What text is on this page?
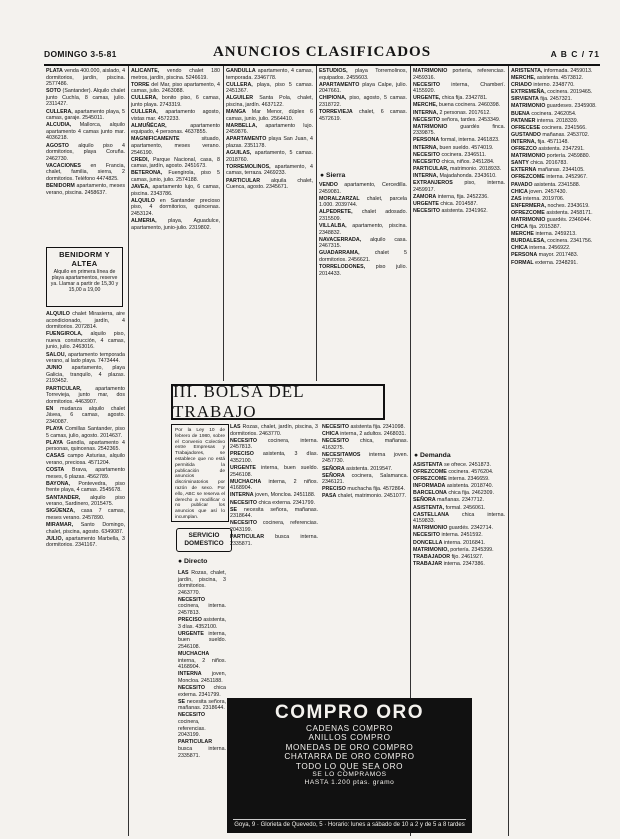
DOMINGO 3-5-81	ANUNCIOS CLASIFICADOS	A B C / 71

PLATA venda 400.000, aislado, 4 dormitorios, jardín, piscina. 2577486.

SOTO (Santander). Alquilo chalet junto Cuchía, 8 camas, julio. 2311427.

CULLERA, apartamento playa, 5 camas, garaje. 2545011.

ALCUDIA, Mallorca, alquilo apartamento 4 camas junto mar. 4036218.

AGOSTO alquilo piso 4 dormitorios, playa Coruña. 2462730.

VACACIONES en Francia, chalet, familia, sierra, 2 dormitorios. Teléfono 4474825.

BENIDORM apartamento, meses verano, piscina. 2458637.

BENIDORM Y ALTEA
Alquilo en primera línea de playa apartamentos, reserve ya. Llamar a partir de 15,30 y 15,00 a 19,00

ALQUILO chalet Mirasierra, aire acondicionado, jardín, 4 dormitorios. 2072814.

FUENGIROLA, alquilo piso, nueva construcción, 4 camas, junio, julio. 2463016.

SALOU, apartamento temporada verano, al lado playa. 7473444.

JUNIO apartamento, playa Galicia, tranquilo, 4 plazas. 2193452.

PARTICULAR, apartamento Torrevieja, junto mar, dos dormitorios. 4463907.

EN mudanza alquilo chalet Jávea, 6 camas, agosto. 2340087.

PLAYA Comillas Santander, piso 5 camas, julio, agosto. 2014637.

PLAYA Gandía, apartamento 4 personas, quincenas. 2542365.

CASAS campo Asturias, alquilo verano, preciosa. 4571204.

COSTA Brava, apartamento meses, 6 plazas. 4562789.

BAYONA, Pontevedra, piso frente playa, 4 camas. 2545678.

SANTANDER, alquilo piso verano, Sardinero, 2015475.

SIGÜENZA, casa 7 camas, meses verano. 2457890.

MIRAMAR, Santo Domingo, chalet, piscina, agosto. 6349087.

JULIO, apartamento Marbella, 3 dormitorios. 2341167.

ALICANTE, vendo chalet 180 metros, jardín, piscina. 5246619.

TORRE del Mar, piso apartamento, 4 camas, julio. 2463088.

CULLERA, bonito piso, 6 camas, junto playa. 2743319.

CULLERA, apartamento agosto, vistas mar. 4572233.

ALMUÑÉCAR, apartamento equipado, 4 personas. 4637855.

MAGNIFICAMENTE situado, apartamento, meses verano. 2546190.

CREDI, Parque Nacional, casa, 8 camas, jardín, agosto. 2451673.

BETERONA, Fuengirola, piso 5 camas, junio, julio. 2574188.

JAVEA, apartamento lujo, 6 camas, piscina. 2343786.

ALQUILO en Santander precioso piso, 4 dormitorios, quincenas. 2453124.

ALMERIA, playa, Aguadulce, apartamento, junio-julio. 2319802.

GANDULLA apartamento, 4 camas, temporada. 2346778.

CULLERA, playa, piso 5 camas. 2451367.

ALGUILER Santa Pola, chalet, piscina, jardín. 4637122.

MANGA Mar Menor, dúplex 6 camas, junio, julio. 2564410.

MARBELLA, apartamento lujo. 2459876.

APARTAMENTO playa San Juan, 4 plazas. 2351178.

AGUILAS, apartamento, 5 camas. 2018760.

TORREMOLINOS, apartamento, 4 camas, terraza. 2469233.

PARTICULAR alquila chalet, Cuenca, agosto. 2345671.

ESTUDIOS, playa Torremolinos, equipados. 2455603.

APARTAMENTO playa Calpe, julio. 2047661.

CHIPIONA, piso, agosto, 5 camas. 2318722.

TORREVIEJA chalet, 6 camas. 4572619.

● Sierra

VENDO apartamento, Cercedilla. 2459081.

MORALZARZAL chalet, parcela 1.000. 2039744.

ALPEDRETE, chalet adosado. 2315509.

VILLALBA, apartamento, piscina. 2348832.

NAVACERRADA, alquilo casa. 2467315.

GUADARRAMA, chalet 5 dormitorios. 2456621.

TORRELODONES, piso julio. 2014433.

III. BOLSA DEL TRABAJO
Por la Ley 10 de febrero de 1980, sobre el Convenio Colectivo entre Empresas y Trabajadores, se establece que no está permitida la publicación de anuncios discriminatorios por razón de sexo. Por ello, ABC se reserva el derecho a modificar o no publicar los anuncios que así lo incumplan.
SERVICIO
DOMESTICO
● Directo

LAS Rozas, chalet, jardín, piscina, 3 dormitorios. 2463770.

NECESITO cocinera, interna. 2457813.

PRECISO asistenta, 3 días. 4352100.

URGENTE interna, buen sueldo. 2546108.

MUCHACHA interna, 2 niños. 4168904.

INTERNA joven, Moncloa. 2451188.

NECESITO chica externa. 2341799.

SE necesita señora, mañanas. 2318644.

NECESITO cocinera, referencias. 2043199.

PARTICULAR busca interna. 2335871.

NECESITO asistenta fija. 2341098.

CHICA interna, 2 adultos. 2468031.

NECESITO chica, mañanas. 4163275.

NECESITAMOS interna joven. 2457730.

SEÑORA asistenta. 2019547.

SEÑORA cocinera, Salamanca. 2346121.

PRECISO muchacha fija. 4572864.

PASA chalet, matrimonio. 2451077.

LAS Rozas, chalet, jardín, piscina, 3 dormitorios. 2463770.

NECESITO cocinera, interna. 2457813.

PRECISO asistenta, 3 días. 4352100.

URGENTE interna, buen sueldo. 2546108.

MUCHACHA interna, 2 niños. 4168904.

INTERNA joven, Moncloa. 2451188.

NECESITO chica externa. 2341799.

SE necesita señora, mañanas. 2318644.

NECESITO cocinera, referencias. 2043199.

PARTICULAR busca interna. 2335871.

MATRIMONIO portería, referencias. 2459316.

NECESITO interna, Chamberí. 4155920.

URGENTE, chica fija. 2342781.

MERCHE, buena cocinera. 2460398.

INTERNA, 2 personas. 2017612.

NECESITO señora, tardes. 2453349.

MATRIMONIO guardés finca. 2339875.

PERSONA formal, interna. 2461823.

INTERNA, buen sueldo. 4574019.

NECESITO cocinera. 2346511.

NECESITO chica, niños. 2451284.

PARTICULAR, matrimonio. 2018933.

INTERNA, Majadahonda. 2343610.

EXTRANJEROS piso, interna. 2459917.

ZAMORA interna, fija. 2452236.

URGENTE chica. 2014587.

NECESITO asistenta. 2341962.

● Demanda

ASISTENTA se ofrece. 2451873.

OFREZCOME cocinera. 4576204.

OFREZCOME interna. 2346659.

INFORMADA asistenta. 2018740.

BARCELONA chica fija. 2462309.

SEÑORA mañanas. 2347712.

ASISTENTA, formal. 2456061.

CASTELLANA chica interna. 4159833.

MATRIMONIO guardés. 2342714.

NECESITO interna. 2451592.

DONCELLA interna. 2016841.

MATRIMONIO, portería. 2345399.

TRABAJADOR fijo. 2461927.

TRABAJAR interna. 2347386.

ARISTENTA, informada. 2459013.

MERCHE, asistenta. 4573812.

CRIADO interno. 2348770.

EXTREMEÑA, cocinera. 2019465.

SIRVIENTA fija. 2457321.

MATRIMONIO guardeses. 2345908.

BUENA cocinera. 2462054.

PATANER interna. 2018339.

OFRECESE cocinera. 2341566.

GUSTANDO mañanas. 2453702.

INTERNA, fija. 4571148.

OFREZCO asistenta. 2347291.

MATRIMONIO portería. 2459880.

SANTY chica. 2016783.

EXTERNA mañanas. 2344105.

OFREZCOME interna. 2452967.

PAVADO asistenta. 2341588.

CHICA joven. 2457430.

ZAS interna. 2019706.

ENFERMERA, noches. 2343619.

OFREZCOME asistenta. 2458171.

MATRIMONIO guardés. 2346044.

CHICA fija. 2015387.

MERCHE interna. 2459213.

BURDALESA, cocinera. 2341756.

CHICA interna. 2456922.

PERSONA mayor. 2017483.

FORMAL externa. 2348291.

COMPRO ORO
CADENAS COMPRO
ANILLOS COMPRO
MONEDAS DE ORO COMPRO
CHATARRA DE ORO COMPRO
TODO LO QUE SEA ORO
SE LO COMPRAMOS
HASTA 1.200 ptas. gramo
Goya, 9 · Glorieta de Quevedo, 5 · Horario: lunes a sábado de 10 a 2 y de 5 a 8 tardes
